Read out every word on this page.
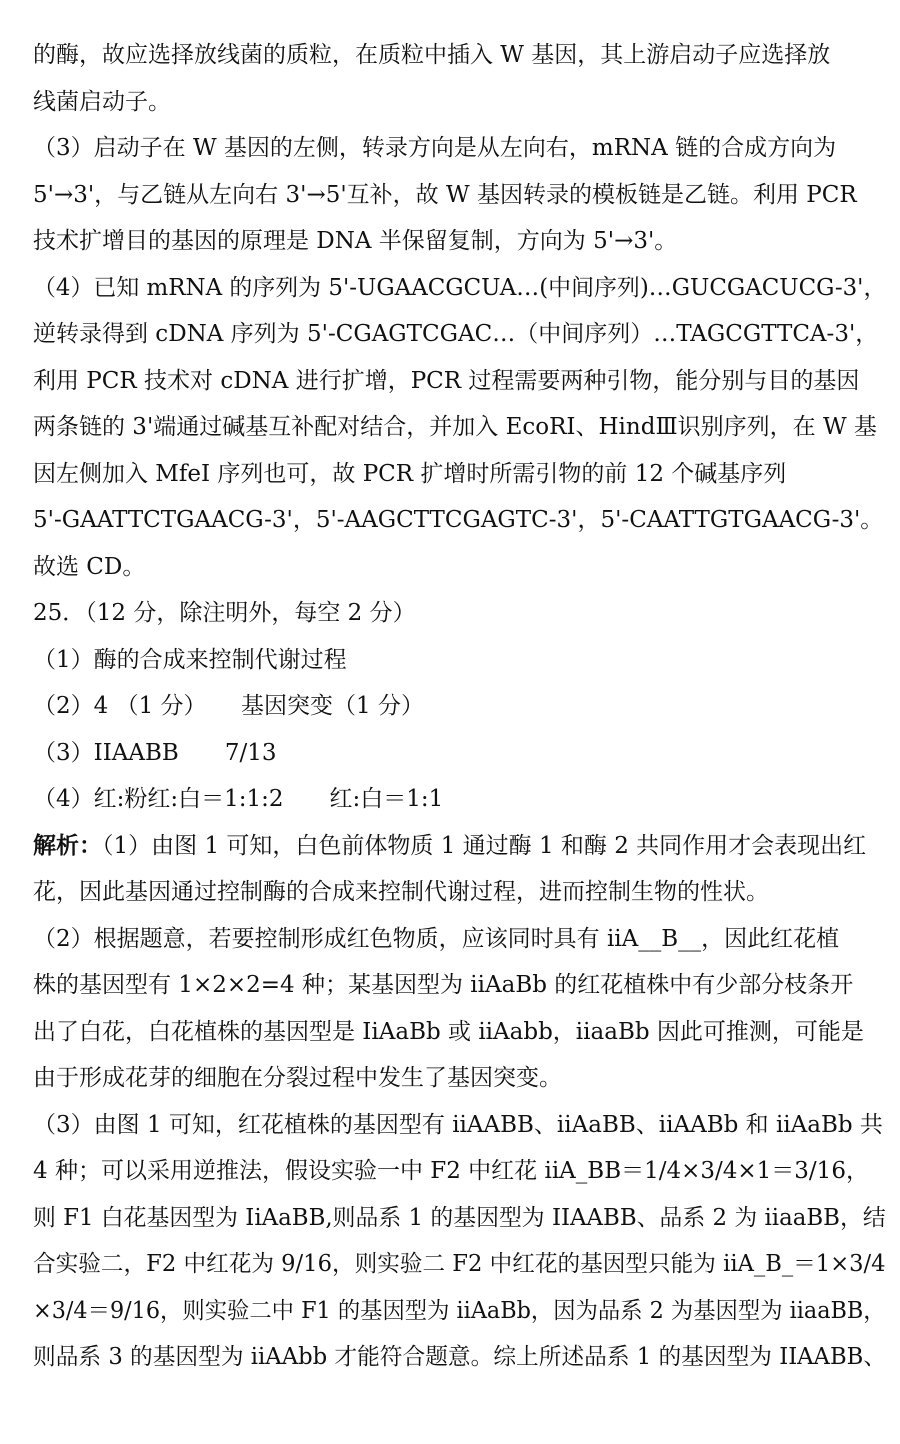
的酶，故应选择放线菌的质粒，在质粒中插入 W 基因，其上游启动子应选择放
线菌启动子。
（3）启动子在 W 基因的左侧，转录方向是从左向右，mRNA 链的合成方向为
5'→3'，与乙链从左向右 3'→5'互补，故 W 基因转录的模板链是乙链。利用 PCR
技术扩增目的基因的原理是 DNA 半保留复制，方向为 5'→3'。
（4）已知 mRNA 的序列为 5'-UGAACGCUA…(中间序列)…GUCGACUCG-3'，
逆转录得到 cDNA 序列为 5'-CGAGTCGAC…（中间序列）…TAGCGTTCA-3'，
利用 PCR 技术对 cDNA 进行扩增，PCR 过程需要两种引物，能分别与目的基因
两条链的 3'端通过碱基互补配对结合，并加入 EcoRI、HindⅢ识别序列，在 W 基
因左侧加入 MfeI 序列也可，故 PCR 扩增时所需引物的前 12 个碱基序列
5'-GAATTCTGAACG-3'，5'-AAGCTTCGAGTC-3'，5'-CAATTGTGAACG-3'。
故选 CD。
25．（12 分，除注明外，每空 2 分）
（1）酶的合成来控制代谢过程
（2）4 （1 分）　　基因突变（1 分）
（3）IIAABB　　7/13
（4）红:粉红:白＝1:1:2　　红:白＝1:1
解析：（1）由图 1 可知，白色前体物质 1 通过酶 1 和酶 2 共同作用才会表现出红
花，因此基因通过控制酶的合成来控制代谢过程，进而控制生物的性状。
（2）根据题意，若要控制形成红色物质，应该同时具有 iiA__B__，因此红花植
株的基因型有 1×2×2=4 种；某基因型为 iiAaBb 的红花植株中有少部分枝条开
出了白花，白花植株的基因型是 IiAaBb 或 iiAabb，iiaaBb 因此可推测，可能是
由于形成花芽的细胞在分裂过程中发生了基因突变。
（3）由图 1 可知，红花植株的基因型有 iiAABB、iiAaBB、iiAABb 和 iiAaBb 共
4 种；可以采用逆推法，假设实验一中 F2 中红花 iiA_BB＝1/4×3/4×1＝3/16，
则 F1 白花基因型为 IiAaBB,则品系 1 的基因型为 IIAABB、品系 2 为 iiaaBB，结
合实验二，F2 中红花为 9/16，则实验二 F2 中红花的基因型只能为 iiA_B_＝1×3/4
×3/4＝9/16，则实验二中 F1 的基因型为 iiAaBb，因为品系 2 为基因型为 iiaaBB，
则品系 3 的基因型为 iiAAbb 才能符合题意。综上所述品系 1 的基因型为 IIAABB、
